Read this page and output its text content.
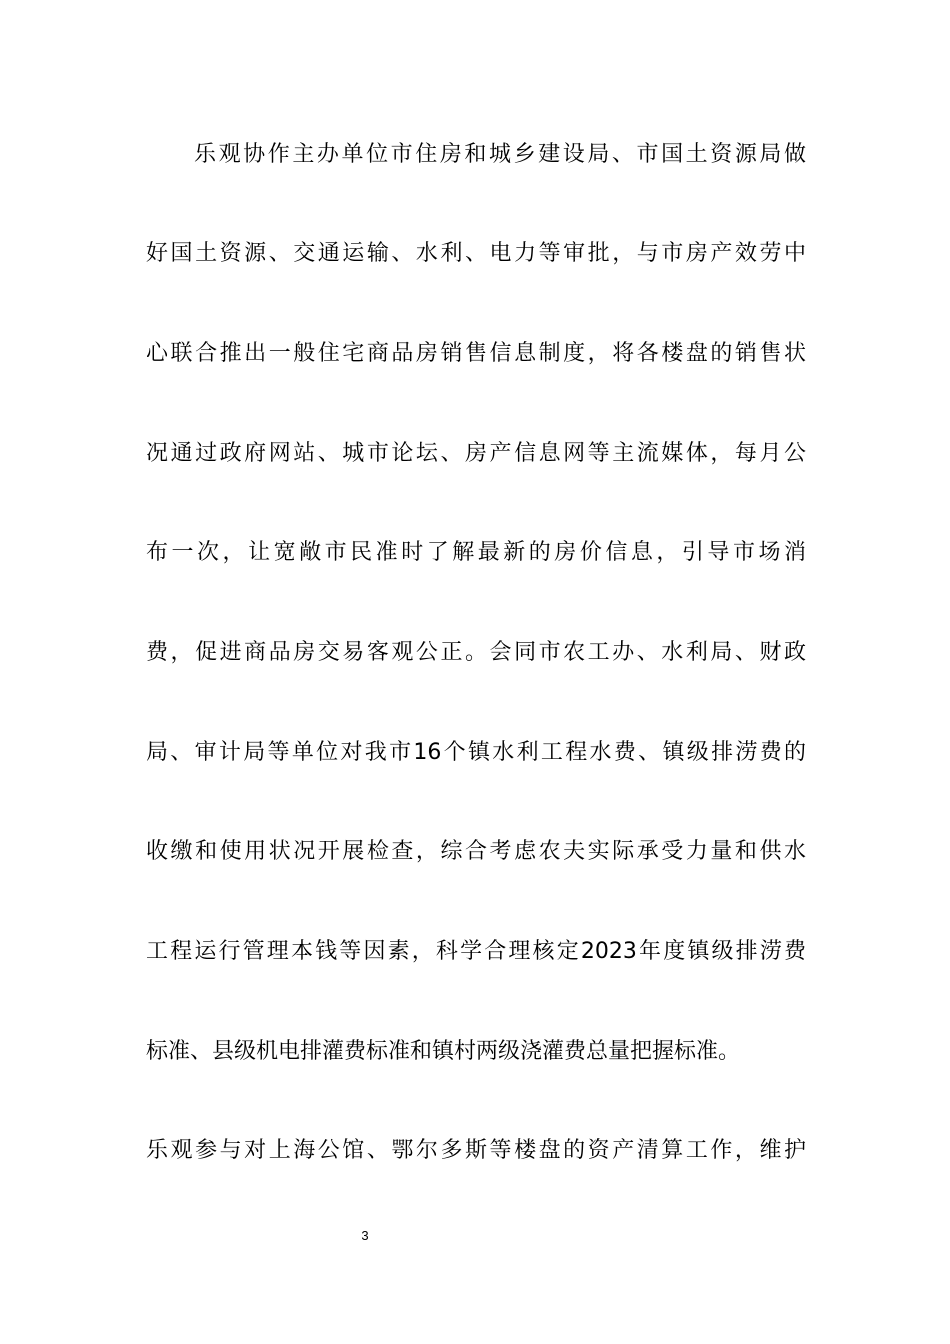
乐观协作主办单位市住房和城乡建设局、市国土资源局做
好国土资源、交通运输、水利、电力等审批，与市房产效劳中
心联合推出一般住宅商品房销售信息制度，将各楼盘的销售状
况通过政府网站、城市论坛、房产信息网等主流媒体，每月公
布一次，让宽敞市民准时了解最新的房价信息，引导市场消
费，促进商品房交易客观公正。会同市农工办、水利局、财政
局、审计局等单位对我市16个镇水利工程水费、镇级排涝费的
收缴和使用状况开展检查，综合考虑农夫实际承受力量和供水
工程运行管理本钱等因素，科学合理核定2023年度镇级排涝费
标准、县级机电排灌费标准和镇村两级浇灌费总量把握标准。
乐观参与对上海公馆、鄂尔多斯等楼盘的资产清算工作，维护
3
